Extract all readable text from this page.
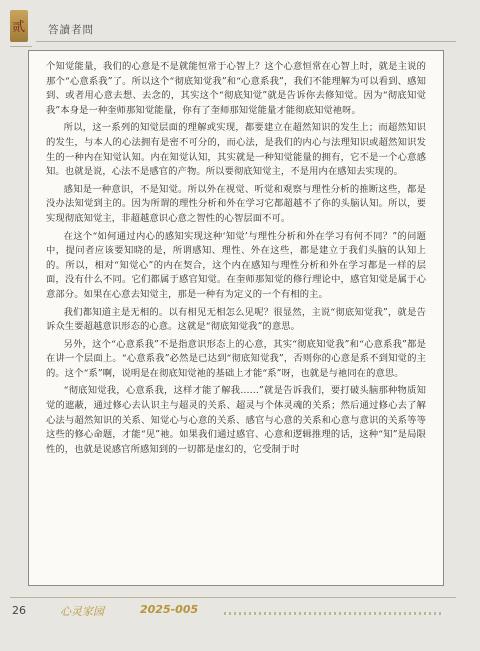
贰 答讀者問

个知觉能量，我们的心意是不是就能恒常于心智上？这个心意恒常在心智上时，就是主说的那个“心意系我”了。所以这个“彻底知觉我”和“心意系我”，我们不能理解为可以看到、感知到、或者用心意去想、去念的，其实这个“彻底知觉”就是告诉你去修知觉。因为“彻底知觉我”本身是一种奎师那知觉能量，你有了奎师那知觉能量才能彻底知觉祂呀。

所以，这一系列的知觉层面的理解或实现，都要建立在超然知识的发生上；而超然知识的发生，与本人的心法拥有是密不可分的，而心法，是我们的内心与法理知识或超然知识发生的一种内在知觉认知。内在知觉认知，其实就是一种知觉能量的拥有，它不是一个心意感知。也就是说，心法不是感官的产物。所以要彻底知觉主，不是用内在感知去实现的。

感知是一种意识，不是知觉。所以外在视觉、听觉和观察与理性分析的推断这些，都是没办法知觉到主的。因为所谓的理性分析和外在学习它都超越不了你的头脑认知。所以，要实现彻底知觉主，非超越意识心意之智性的心智层面不可。

在这个“如何通过内心的感知实现这种‘知觉’与理性分析和外在学习有何不同？”的问题中，提问者应该要知晓的是，所谓感知、理性、外在这些，都是建立于我们头脑的认知上的。所以，相对“知觉心”的内在契合，这个内在感知与理性分析和外在学习都是一样的层面，没有什么不同。它们都属于感官知觉。在奎师那知觉的修行理论中，感官知觉是属于心意部分。如果在心意去知觉主，那是一种有为定义的一个有相的主。

我们都知道主是无相的。以有相见无相怎么见呢？很显然，主说“彻底知觉我”，就是告诉众生要超越意识形态的心意。这就是“彻底知觉我”的意思。

另外，这个“心意系我”不是指意识形态上的心意，其实“彻底知觉我”和“心意系我”都是在讲一个层面上。“心意系我”必然是已达到“彻底知觉我”，否则你的心意是系不到知觉的主的。这个“系”啊，说明是在彻底知觉祂的基础上才能“系”呀，也就是与祂同在的意思。

“彻底知觉我，心意系我，这样才能了解我……”就是告诉我们，要打破头脑那种物质知觉的遮蔽，通过修心去认识主与超灵的关系、超灵与个体灵魂的关系；然后通过修心去了解心法与超然知识的关系、知觉心与心意的关系、感官与心意的关系和心意与意识的关系等等这些的修心命题，才能“见”祂。如果我们通过感官、心意和逻辑推理的话，这种“知”是局限性的，也就是说感官所感知到的一切都是虚幻的，它受制于时

26	心灵家园	2025-005
